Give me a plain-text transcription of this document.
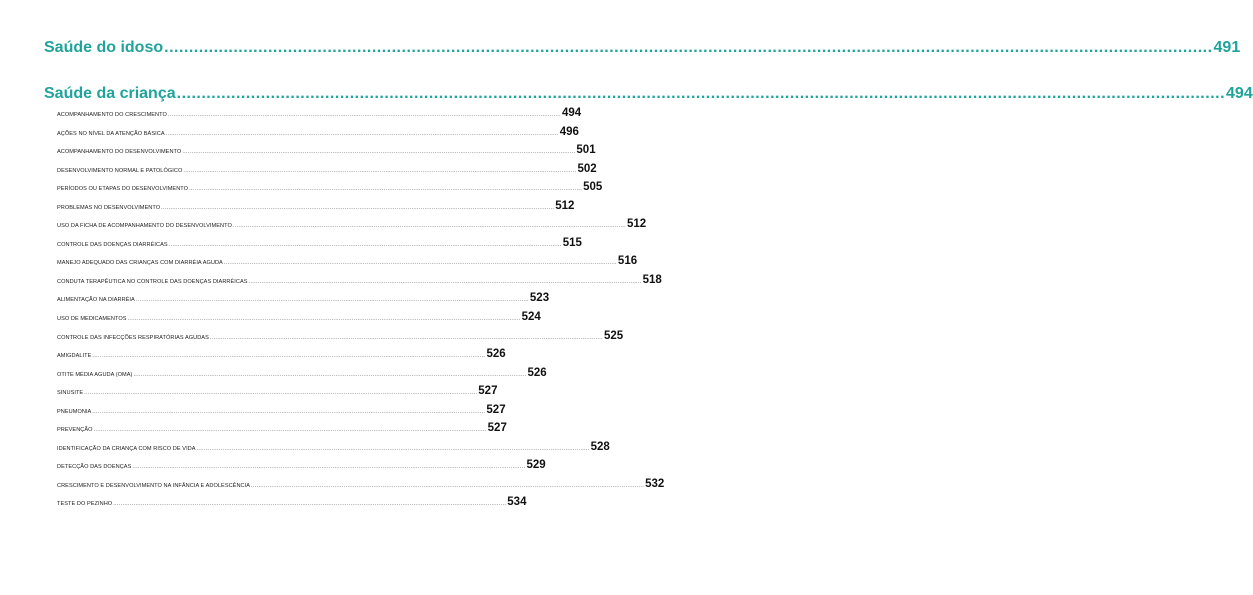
Saúde do idoso .................................................................................................................................................................................................................... 491
Saúde da criança .................................................................................................................................................................................................................... 494
ACOMPANHAMENTO DO CRESCIMENTO .................................................................................................................................................................................................................... 494
AÇÕES NO NÍVEL DA ATENÇÃO BÁSICA .................................................................................................................................................................................................................... 496
ACOMPANHAMENTO DO DESENVOLVIMENTO .................................................................................................................................................................................................................... 501
DESENVOLVIMENTO NORMAL E PATOLÓGICO .................................................................................................................................................................................................................... 502
PERÍODOS OU ETAPAS DO DESENVOLVIMENTO .................................................................................................................................................................................................................... 505
PROBLEMAS NO DESENVOLVIMENTO .................................................................................................................................................................................................................... 512
USO DA FICHA DE ACOMPANHAMENTO DO DESENVOLVIMENTO .................................................................................................................................................................................................................... 512
CONTROLE DAS DOENÇAS DIARRÉICAS .................................................................................................................................................................................................................... 515
MANEJO ADEQUADO DAS CRIANÇAS COM DIARRÉIA AGUDA .................................................................................................................................................................................................................... 516
CONDUTA TERAPÊUTICA NO CONTROLE DAS DOENÇAS DIARRÉICAS .................................................................................................................................................................................................................... 518
ALIMENTAÇÃO NA DIARRÉIA .................................................................................................................................................................................................................... 523
USO DE MEDICAMENTOS .................................................................................................................................................................................................................... 524
CONTROLE DAS INFECÇÕES RESPIRATÓRIAS AGUDAS .................................................................................................................................................................................................................... 525
AMIGDALITE .................................................................................................................................................................................................................... 526
OTITE MÉDIA AGUDA (OMA) .................................................................................................................................................................................................................... 526
SINUSITE .................................................................................................................................................................................................................... 527
PNEUMONIA .................................................................................................................................................................................................................... 527
PREVENÇÃO .................................................................................................................................................................................................................... 527
IDENTIFICAÇÃO DA CRIANÇA COM RISCO DE VIDA .................................................................................................................................................................................................................... 528
DETECÇÃO DAS DOENÇAS .................................................................................................................................................................................................................... 529
CRESCIMENTO E DESENVOLVIMENTO NA INFÂNCIA E ADOLESCÊNCIA .................................................................................................................................................................................................................... 532
TESTE DO PEZINHO .................................................................................................................................................................................................................... 534
